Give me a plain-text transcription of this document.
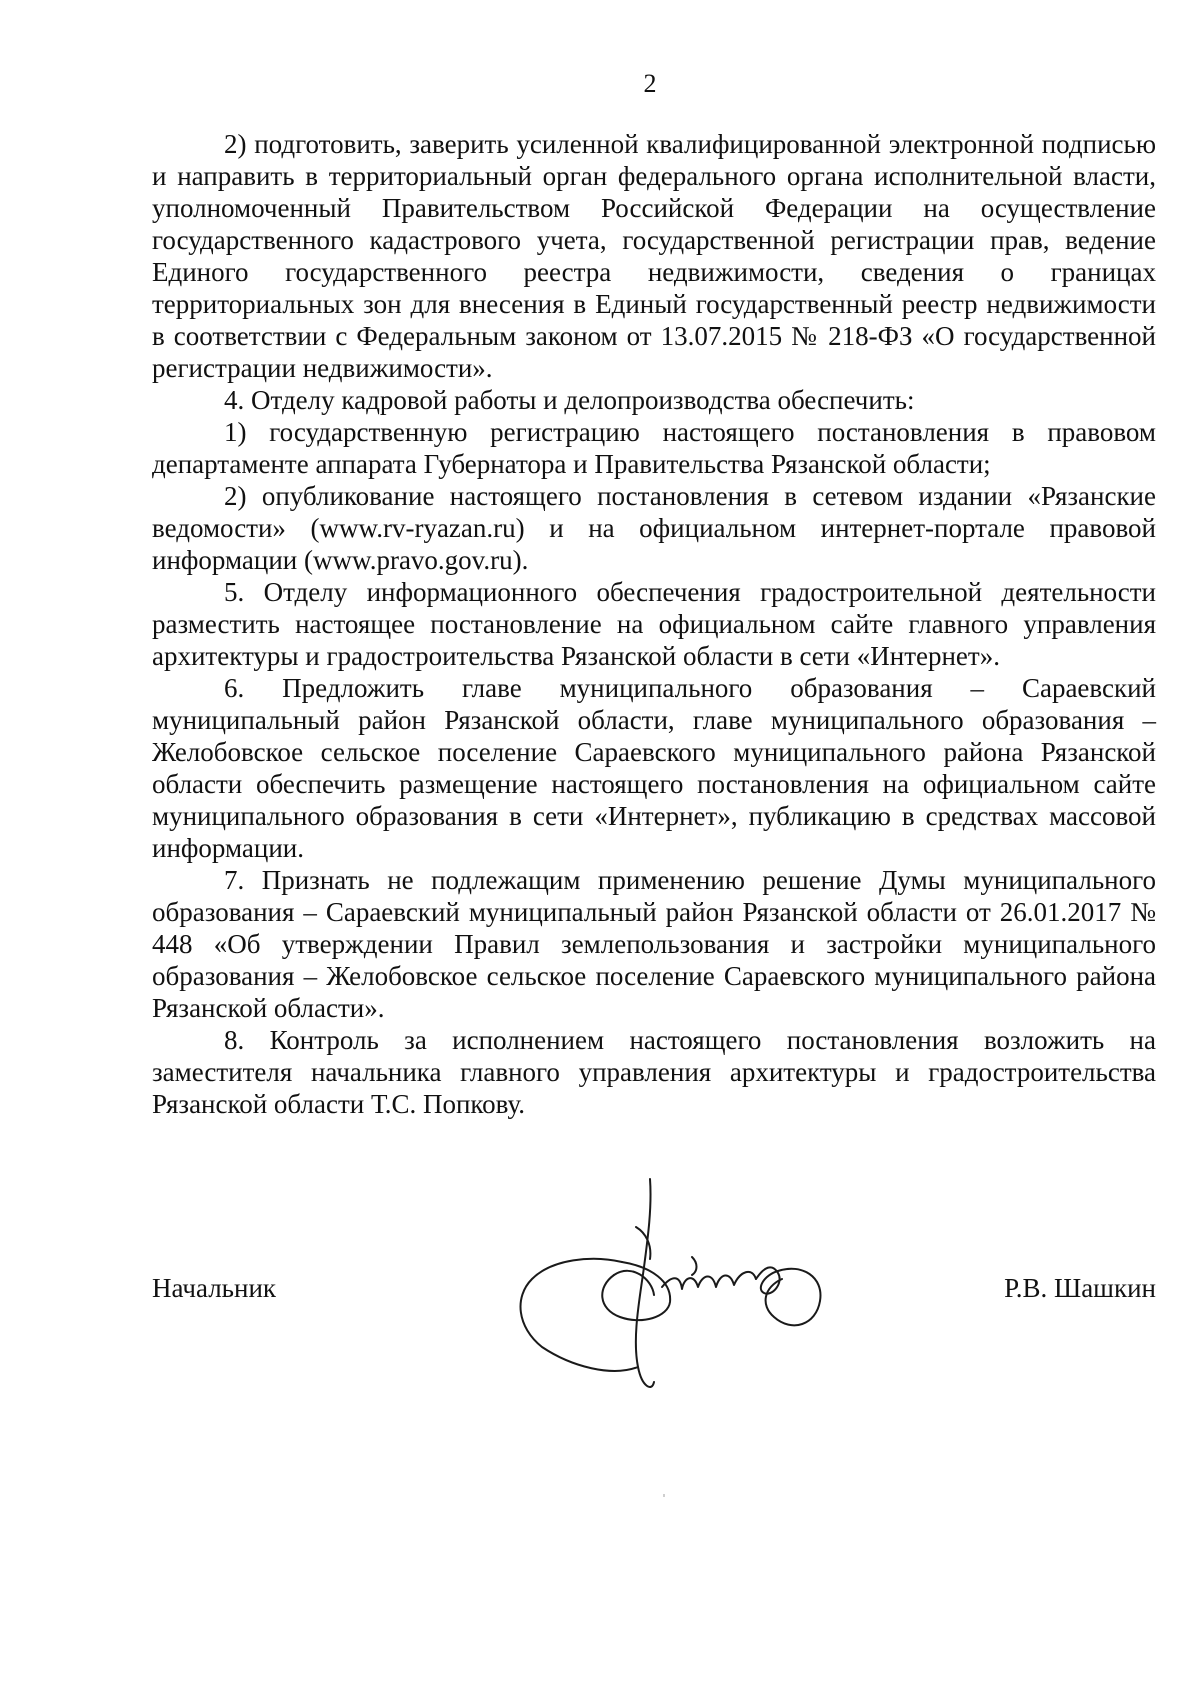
2

2) подготовить, заверить усиленной квалифицированной электронной подписью и направить в территориальный орган федерального органа исполнительной власти, уполномоченный Правительством Российской Федерации на осуществление государственного кадастрового учета, государственной регистрации прав, ведение Единого государственного реестра недвижимости, сведения о границах территориальных зон для внесения в Единый государственный реестр недвижимости в соответствии с Федеральным законом от 13.07.2015 № 218-ФЗ «О государственной регистрации недвижимости».

4. Отделу кадровой работы и делопроизводства обеспечить:

1) государственную регистрацию настоящего постановления в правовом департаменте аппарата Губернатора и Правительства Рязанской области;

2) опубликование настоящего постановления в сетевом издании «Рязанские ведомости» (www.rv-ryazan.ru) и на официальном интернет-портале правовой информации (www.pravo.gov.ru).

5. Отделу информационного обеспечения градостроительной деятельности разместить настоящее постановление на официальном сайте главного управления архитектуры и градостроительства Рязанской области в сети «Интернет».

6. Предложить главе муниципального образования – Сараевский муниципальный район Рязанской области, главе муниципального образования – Желобовское сельское поселение Сараевского муниципального района Рязанской области обеспечить размещение настоящего постановления на официальном сайте муниципального образования в сети «Интернет», публикацию в средствах массовой информации.

7. Признать не подлежащим применению решение Думы муниципального образования – Сараевский муниципальный район Рязанской области от 26.01.2017 № 448 «Об утверждении Правил землепользования и застройки муниципального образования – Желобовское сельское поселение Сараевского муниципального района Рязанской области».

8. Контроль за исполнением настоящего постановления возложить на заместителя начальника главного управления архитектуры и градостроительства Рязанской области Т.С. Попкову.

Начальник	Р.В. Шашкин
